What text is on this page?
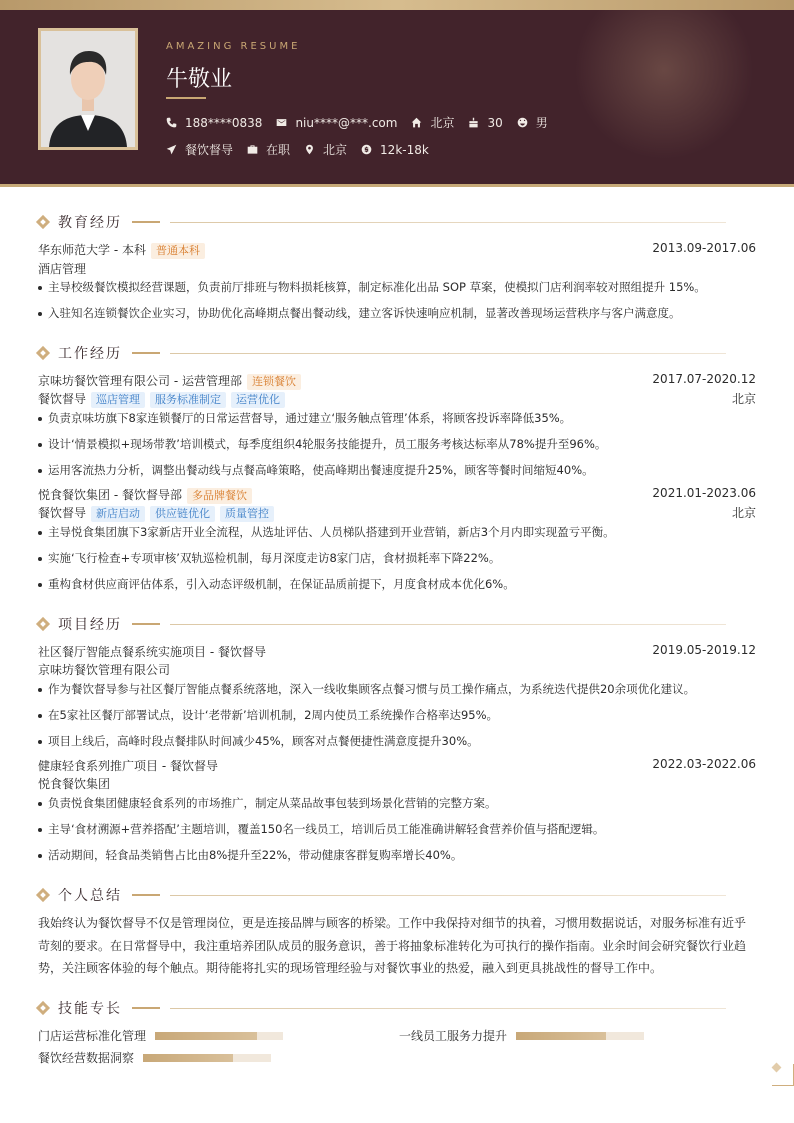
AMAZING RESUME
牛敬业
188****0838	niu****@***.com	北京	30	男
餐饮督导	在职	北京	12k-18k
教育经历
华东师范大学 - 本科 普通本科	2013.09-2017.06
酒店管理
主导校级餐饮模拟经营课题，负责前厅排班与物料损耗核算，制定标准化出品 SOP 草案，使模拟门店利润率较对照组提升 15%。
入驻知名连锁餐饮企业实习，协助优化高峰期点餐出餐动线，建立客诉快速响应机制，显著改善现场运营秩序与客户满意度。
工作经历
京味坊餐饮管理有限公司 - 运营管理部 连锁餐饮	2017.07-2020.12
餐饮督导 巡店管理 服务标准制定 运营优化	北京
负责京味坊旗下8家连锁餐厅的日常运营督导，通过建立‘服务触点管理’体系，将顾客投诉率降低35%。
设计‘情景模拟+现场带教’培训模式，每季度组织4轮服务技能提升，员工服务考核达标率从78%提升至96%。
运用客流热力分析，调整出餐动线与点餐高峰策略，使高峰期出餐速度提升25%，顾客等餐时间缩短40%。
悦食餐饮集团 - 餐饮督导部 多品牌餐饮	2021.01-2023.06
餐饮督导 新店启动 供应链优化 质量管控	北京
主导悦食集团旗下3家新店开业全流程，从选址评估、人员梯队搭建到开业营销，新店3个月内即实现盈亏平衡。
实施‘飞行检查+专项审核’双轨巡检机制，每月深度走访8家门店，食材损耗率下降22%。
重构食材供应商评估体系，引入动态评级机制，在保证品质前提下，月度食材成本优化6%。
项目经历
社区餐厅智能点餐系统实施项目 - 餐饮督导	2019.05-2019.12
京味坊餐饮管理有限公司
作为餐饮督导参与社区餐厅智能点餐系统落地，深入一线收集顾客点餐习惯与员工操作痛点，为系统迭代提供20余项优化建议。
在5家社区餐厅部署试点，设计‘老带新’培训机制，2周内使员工系统操作合格率达95%。
项目上线后，高峰时段点餐排队时间减少45%，顾客对点餐便捷性满意度提升30%。
健康轻食系列推广项目 - 餐饮督导	2022.03-2022.06
悦食餐饮集团
负责悦食集团健康轻食系列的市场推广，制定从菜品故事包装到场景化营销的完整方案。
主导‘食材溯源+营养搭配’主题培训，覆盖150名一线员工，培训后员工能准确讲解轻食营养价值与搭配逻辑。
活动期间，轻食品类销售占比由8%提升至22%，带动健康客群复购率增长40%。
个人总结
我始终认为餐饮督导不仅是管理岗位，更是连接品牌与顾客的桥梁。工作中我保持对细节的执着，习惯用数据说话，对服务标准有近乎苛刻的要求。在日常督导中，我注重培养团队成员的服务意识，善于将抽象标准转化为可执行的操作指南。业余时间会研究餐饮行业趋势，关注顾客体验的每个触点。期待能将扎实的现场管理经验与对餐饮事业的热爱，融入到更具挑战性的督导工作中。
技能专长
门店运营标准化管理	一线员工服务力提升
餐饮经营数据洞察
